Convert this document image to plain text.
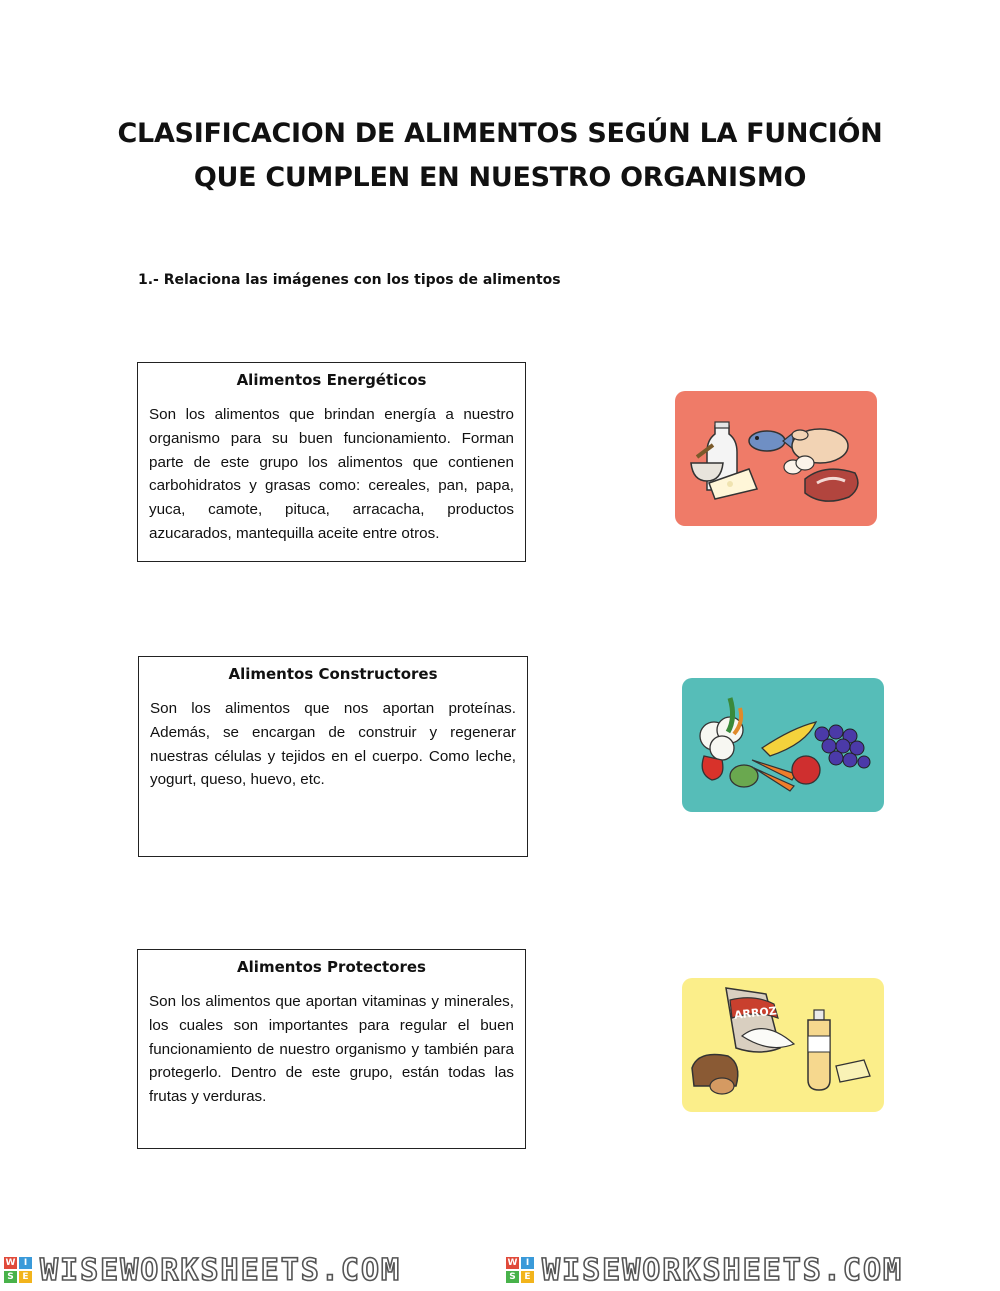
CLASIFICACION DE ALIMENTOS SEGÚN LA FUNCIÓN
QUE CUMPLEN EN NUESTRO ORGANISMO
1.- Relaciona las imágenes con los tipos de alimentos
Alimentos Energéticos

Son los alimentos que brindan energía a nuestro organismo para su buen funcionamiento. Forman parte de este grupo los alimentos que contienen carbohidratos y grasas como: cereales, pan, papa, yuca, camote, pituca, arracacha, productos azucarados, mantequilla aceite entre otros.

Alimentos Constructores

Son los alimentos que nos aportan proteínas. Además, se encargan de construir y regenerar nuestras células y tejidos en el cuerpo. Como leche, yogurt, queso, huevo, etc.

Alimentos Protectores

Son los alimentos que aportan vitaminas y minerales, los cuales son importantes para regular el buen funcionamiento de nuestro organismo y también para protegerlo. Dentro de este grupo, están todas las frutas y verduras.

ARROZ
W I
S E WISEWORKSHEETS.COM	W I
S E WISEWORKSHEETS.COM
